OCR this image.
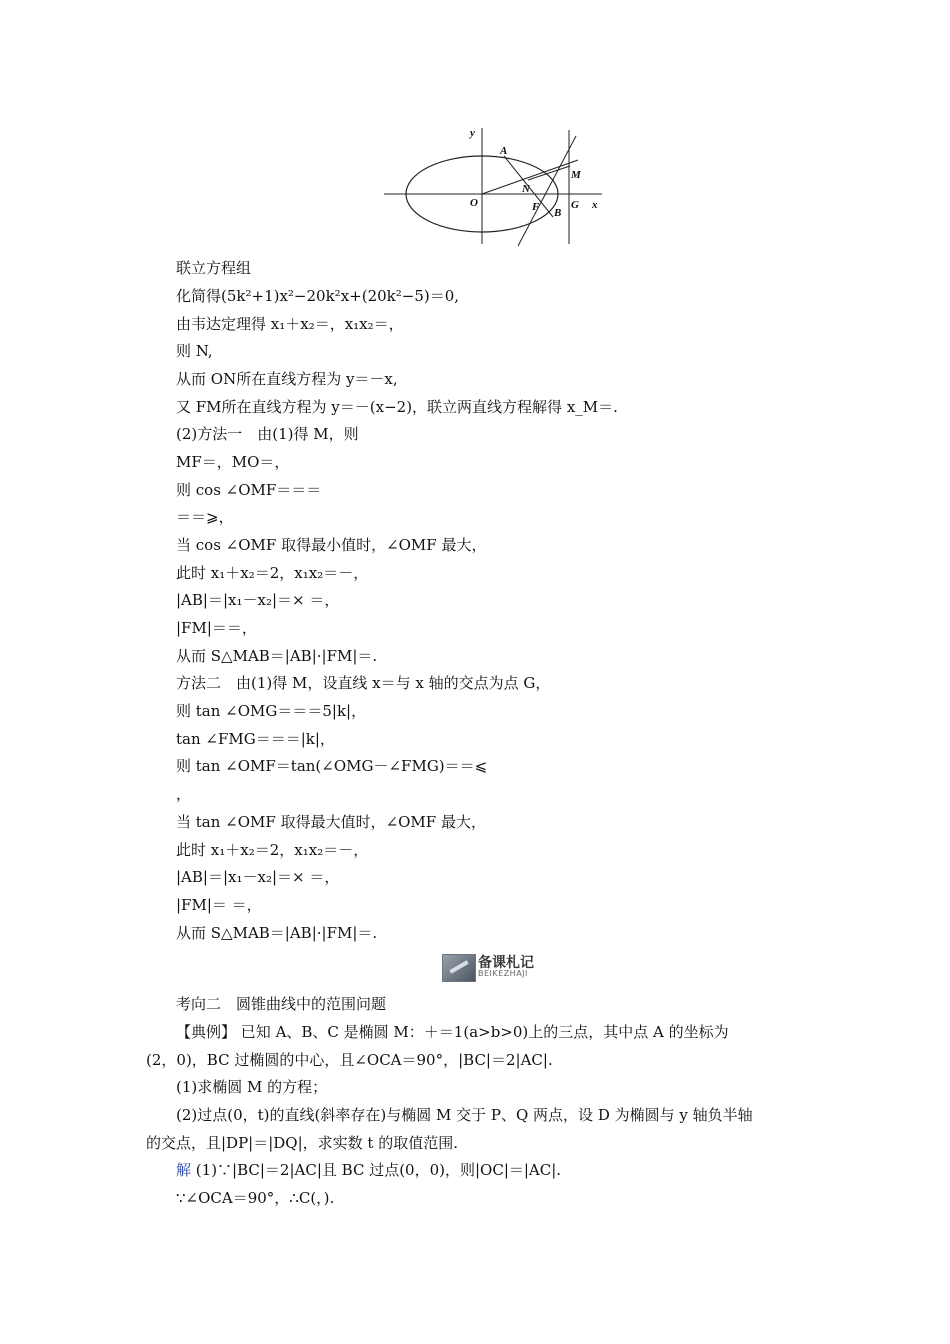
y
x
O
A
N
F B
G
M
联立方程组
化简得(5k²+1)x²−20k²x+(20k²−5)＝0,
由韦达定理得 x₁＋x₂＝，x₁x₂＝，
则 N,
从而 ON所在直线方程为 y＝－x,
又 FM所在直线方程为 y＝－(x−2)，联立两直线方程解得 x_M＝.
(2)方法一　由(1)得 M，则
MF＝，MO＝，
则 cos ∠OMF＝＝＝
＝＝⩾，
当 cos ∠OMF 取得最小值时，∠OMF 最大，
此时 x₁＋x₂＝2，x₁x₂＝－，
|AB|＝|x₁－x₂|＝× ＝，
|FM|＝＝，
从而 S△MAB＝|AB|·|FM|＝.
方法二　由(1)得 M，设直线 x＝与 x 轴的交点为点 G，
则 tan ∠OMG＝＝＝5|k|，
tan ∠FMG＝＝＝|k|，
则 tan ∠OMF＝tan(∠OMG－∠FMG)＝＝⩽
，
当 tan ∠OMF 取得最大值时，∠OMF 最大，
此时 x₁＋x₂＝2，x₁x₂＝－，
|AB|＝|x₁－x₂|＝× ＝，
|FM|＝ ＝，
从而 S△MAB＝|AB|·|FM|＝.
备课札记
BEIKEZHAJI
考向二　圆锥曲线中的范围问题
【典例】 已知 A、B、C 是椭圆 M：＋＝1(a>b>0)上的三点，其中点 A 的坐标为
(2，0)，BC 过椭圆的中心，且∠OCA＝90°，|BC|＝2|AC|.
(1)求椭圆 M 的方程；
(2)过点(0，t)的直线(斜率存在)与椭圆 M 交于 P、Q 两点，设 D 为椭圆与 y 轴负半轴
的交点，且|DP|＝|DQ|，求实数 t 的取值范围.
解 (1)∵|BC|＝2|AC|且 BC 过点(0，0)，则|OC|＝|AC|.
∵∠OCA＝90°，∴C(，).
